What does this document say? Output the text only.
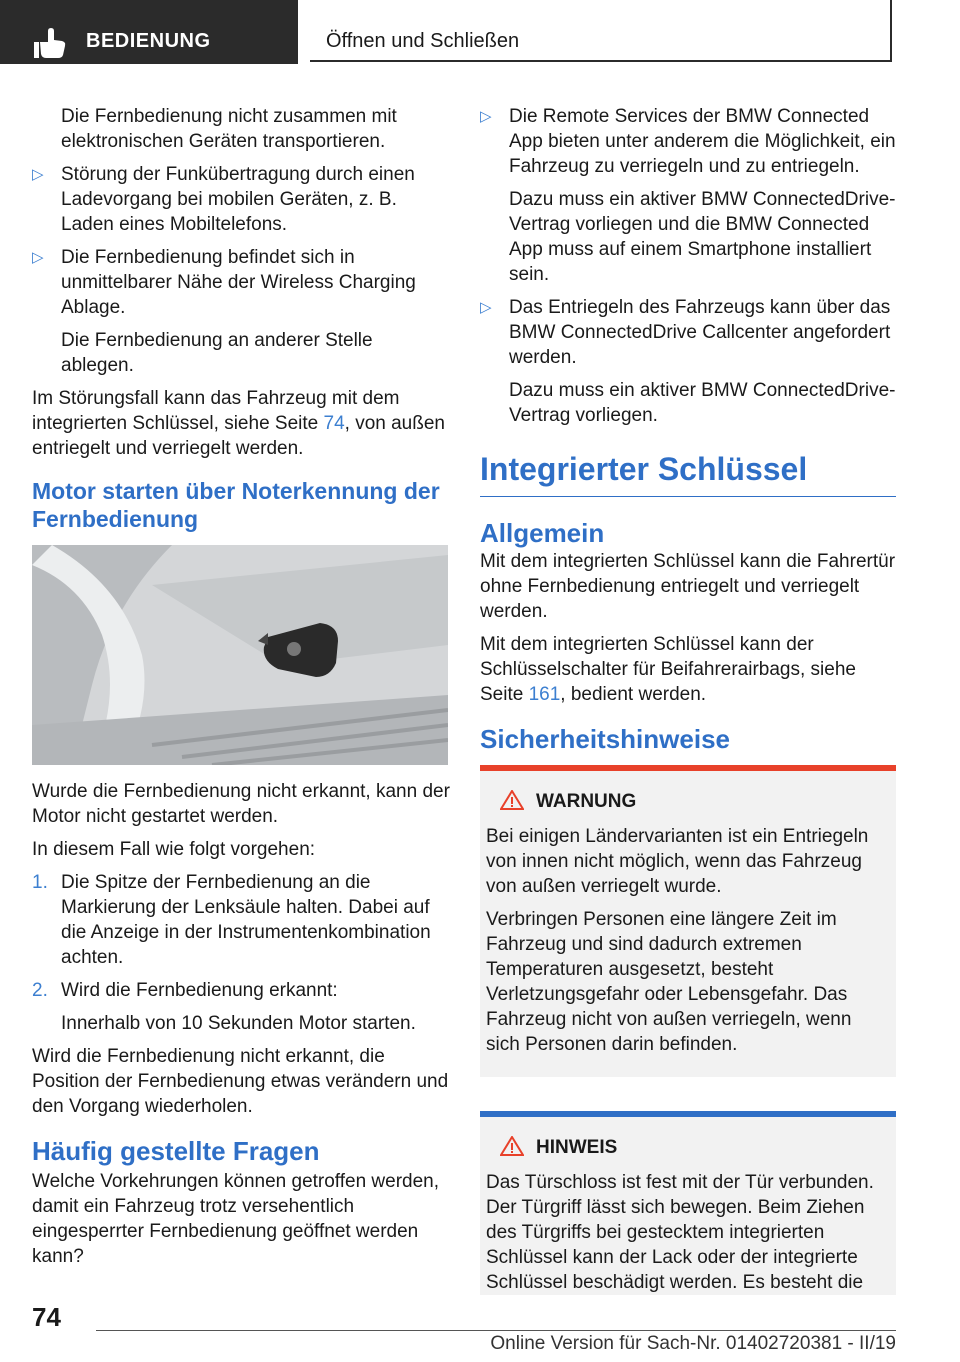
BEDIENUNG	Öffnen und Schließen

Die Fernbedienung nicht zusammen mit elektronischen Geräten transportieren.

▷ Störung der Funkübertragung durch einen Ladevorgang bei mobilen Geräten, z. B. Laden eines Mobiltelefons.
▷ Die Fernbedienung befindet sich in unmittelbarer Nähe der Wireless Charging Ablage.

Die Fernbedienung an anderer Stelle ablegen.

Im Störungsfall kann das Fahrzeug mit dem integrierten Schlüssel, siehe Seite 74, von außen entriegelt und verriegelt werden.

Motor starten über Noterkennung der Fernbedienung

Wurde die Fernbedienung nicht erkannt, kann der Motor nicht gestartet werden.

In diesem Fall wie folgt vorgehen:

1. Die Spitze der Fernbedienung an die Markierung der Lenksäule halten. Dabei auf die Anzeige in der Instrumentenkombination achten.
2. Wird die Fernbedienung erkannt:

Innerhalb von 10 Sekunden Motor starten.

Wird die Fernbedienung nicht erkannt, die Position der Fernbedienung etwas verändern und den Vorgang wiederholen.

Häufig gestellte Fragen

Welche Vorkehrungen können getroffen werden, damit ein Fahrzeug trotz versehentlich eingesperrter Fernbedienung geöffnet werden kann?

▷ Die Remote Services der BMW Connected App bieten unter anderem die Möglichkeit, ein Fahrzeug zu verriegeln und zu entriegeln.

Dazu muss ein aktiver BMW ConnectedDrive-Vertrag vorliegen und die BMW Connected App muss auf einem Smartphone installiert sein.

▷ Das Entriegeln des Fahrzeugs kann über das BMW ConnectedDrive Callcenter angefordert werden.

Dazu muss ein aktiver BMW ConnectedDrive-Vertrag vorliegen.

Integrierter Schlüssel
Allgemein

Mit dem integrierten Schlüssel kann die Fahrertür ohne Fernbedienung entriegelt und verriegelt werden.

Mit dem integrierten Schlüssel kann der Schlüsselschalter für Beifahrerairbags, siehe Seite 161, bedient werden.

Sicherheitshinweise
WARNUNG

Bei einigen Ländervarianten ist ein Entriegeln von innen nicht möglich, wenn das Fahrzeug von außen verriegelt wurde.

Verbringen Personen eine längere Zeit im Fahrzeug und sind dadurch extremen Temperaturen ausgesetzt, besteht Verletzungsgefahr oder Lebensgefahr. Das Fahrzeug nicht von außen verriegeln, wenn sich Personen darin befinden.

HINWEIS

Das Türschloss ist fest mit der Tür verbunden. Der Türgriff lässt sich bewegen. Beim Ziehen des Türgriffs bei gestecktem integrierten Schlüssel kann der Lack oder der integrierte Schlüssel beschädigt werden. Es besteht die

74
Online Version für Sach-Nr. 01402720381 - II/19
